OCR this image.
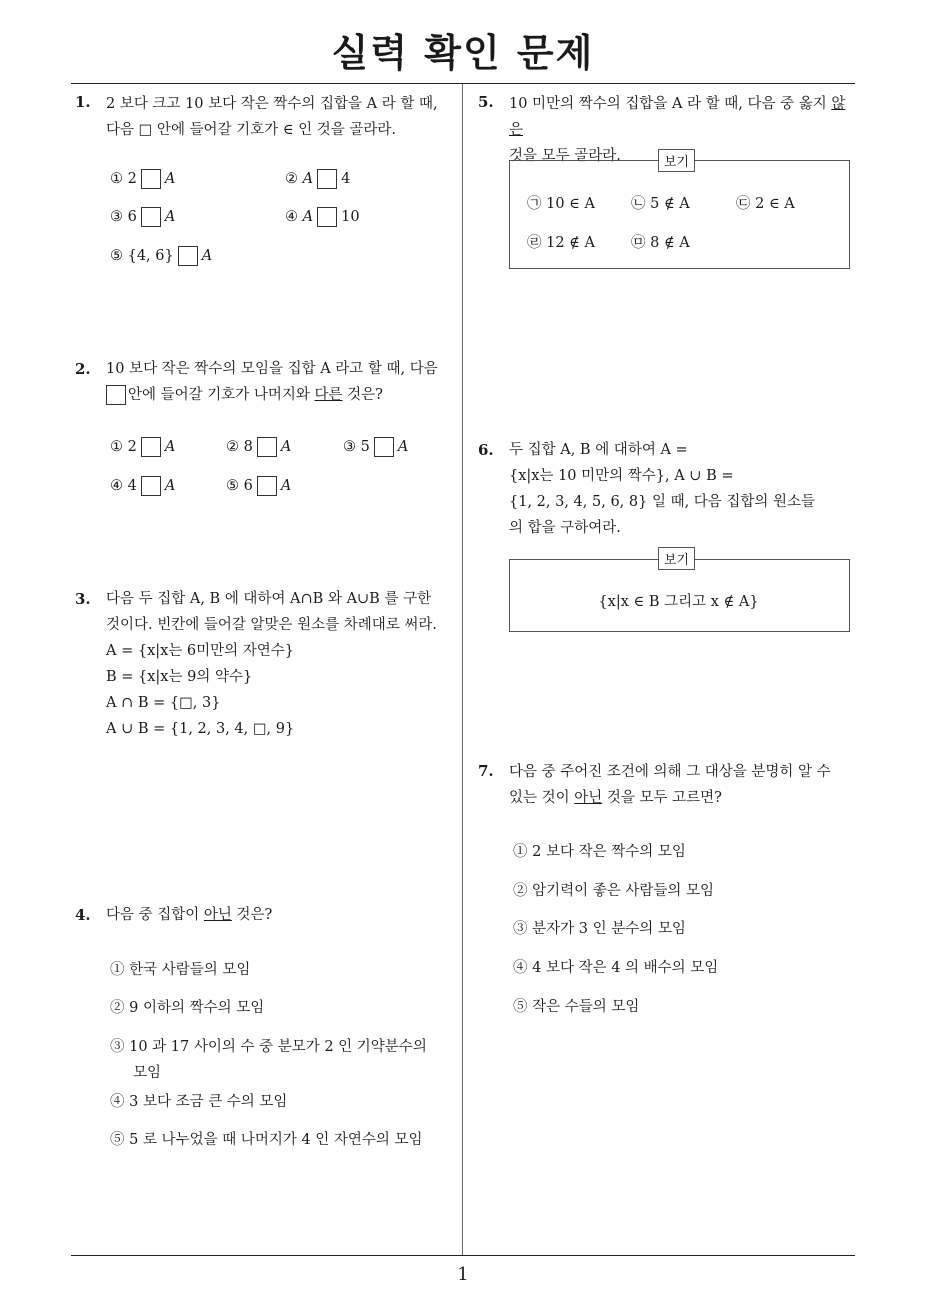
실력 확인 문제
1
1. 2 보다 크고 10 보다 작은 짝수의 집합을 A 라 할 때,
다음 □ 안에 들어갈 기호가 ∈ 인 것을 골라라.
① 2 A	② A 4
③ 6 A	④ A 10
⑤ {4, 6} A
2. 10 보다 작은 짝수의 모임을 집합 A 라고 할 때, 다음
안에 들어갈 기호가 나머지와 다른 것은?
① 2 A	② 8 A	③ 5 A
④ 4 A	⑤ 6 A
3. 다음 두 집합 A, B 에 대하여 A∩B 와 A∪B 를 구한
것이다. 빈칸에 들어갈 알맞은 원소를 차례대로 써라.
A = {x|x는 6미만의 자연수}
B = {x|x는 9의 약수}
A ∩ B = {□, 3}
A ∪ B = {1, 2, 3, 4, □, 9}
4. 다음 중 집합이 아닌 것은?
① 한국 사람들의 모임
② 9 이하의 짝수의 모임
③ 10 과 17 사이의 수 중 분모가 2 인 기약분수의
모임
④ 3 보다 조금 큰 수의 모임
⑤ 5 로 나누었을 때 나머지가 4 인 자연수의 모임
5. 10 미만의 짝수의 집합을 A 라 할 때, 다음 중 옳지 않은
것을 모두 골라라.	보기
㉠ 10 ∈ A ㉡ 5 ∉ A	㉢ 2 ∈ A
㉣ 12 ∉ A ㉤ 8 ∉ A
6. 두 집합 A, B 에 대하여 A =
{x|x는 10 미만의 짝수}, A ∪ B =
{1, 2, 3, 4, 5, 6, 8} 일 때, 다음 집합의 원소들
의 합을 구하여라.
보기
{x|x ∈ B 그리고 x ∉ A}
7. 다음 중 주어진 조건에 의해 그 대상을 분명히 알 수
있는 것이 아닌 것을 모두 고르면?
① 2 보다 작은 짝수의 모임
② 암기력이 좋은 사람들의 모임
③ 분자가 3 인 분수의 모임
④ 4 보다 작은 4 의 배수의 모임
⑤ 작은 수들의 모임
